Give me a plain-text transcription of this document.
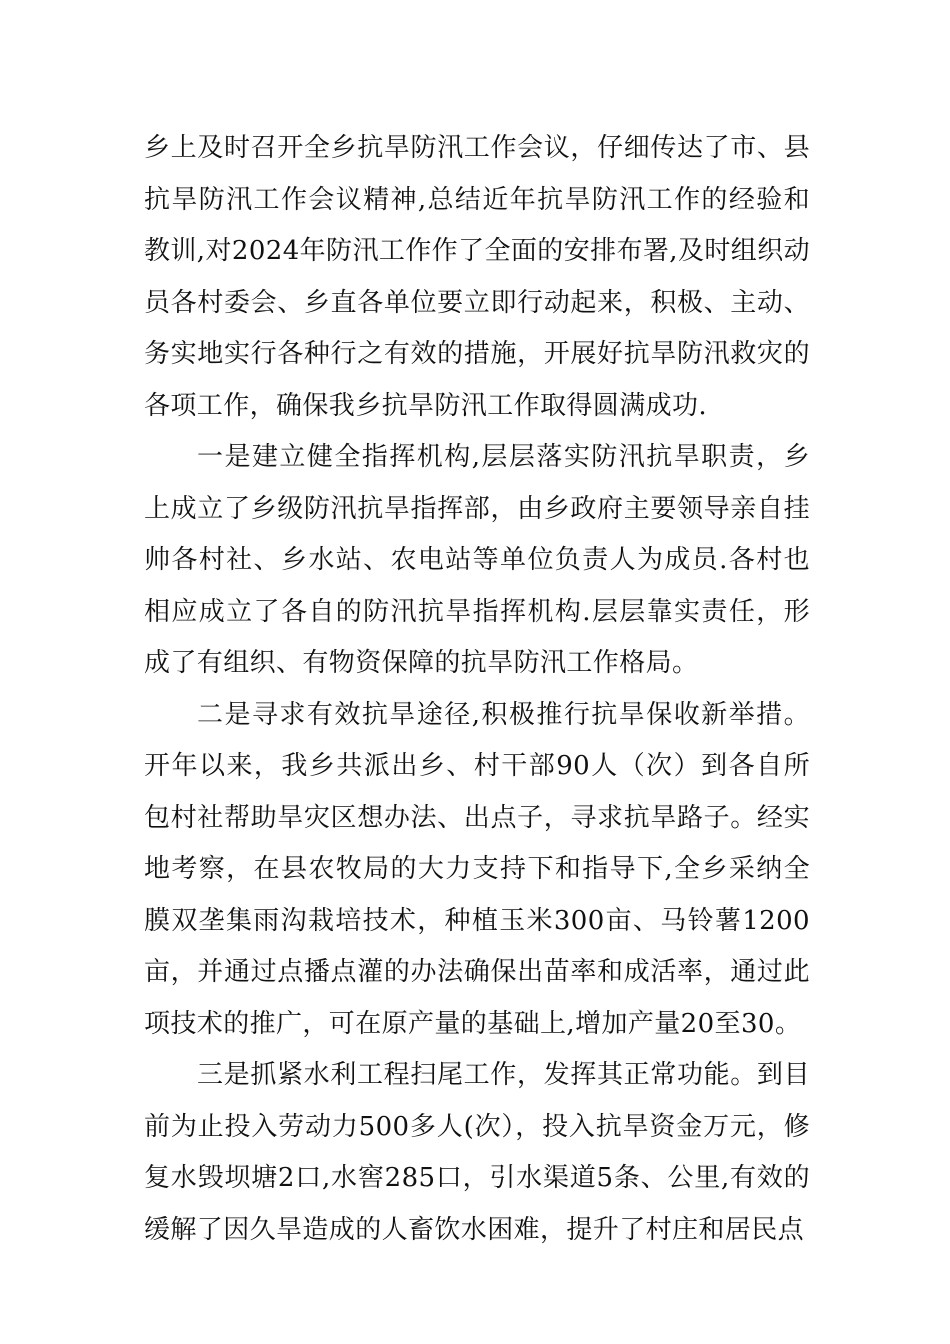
乡上及时召开全乡抗旱防汛工作会议，仔细传达了市、县抗旱防汛工作会议精神,总结近年抗旱防汛工作的经验和教训,对2024年防汛工作作了全面的安排布署,及时组织动员各村委会、乡直各单位要立即行动起来，积极、主动、务实地实行各种行之有效的措施，开展好抗旱防汛救灾的各项工作，确保我乡抗旱防汛工作取得圆满成功.

一是建立健全指挥机构,层层落实防汛抗旱职责，乡上成立了乡级防汛抗旱指挥部，由乡政府主要领导亲自挂帅各村社、乡水站、农电站等单位负责人为成员.各村也相应成立了各自的防汛抗旱指挥机构.层层靠实责任，形成了有组织、有物资保障的抗旱防汛工作格局。

二是寻求有效抗旱途径,积极推行抗旱保收新举措。开年以来，我乡共派出乡、村干部90人（次）到各自所包村社帮助旱灾区想办法、出点子，寻求抗旱路子。经实地考察，在县农牧局的大力支持下和指导下,全乡采纳全膜双垄集雨沟栽培技术，种植玉米300亩、马铃薯1200亩，并通过点播点灌的办法确保出苗率和成活率，通过此项技术的推广，可在原产量的基础上,增加产量20至30。

三是抓紧水利工程扫尾工作，发挥其正常功能。到目前为止投入劳动力500多人(次），投入抗旱资金万元，修复水毁坝塘2口,水窖285口，引水渠道5条、公里,有效的缓解了因久旱造成的人畜饮水困难，提升了村庄和居民点
